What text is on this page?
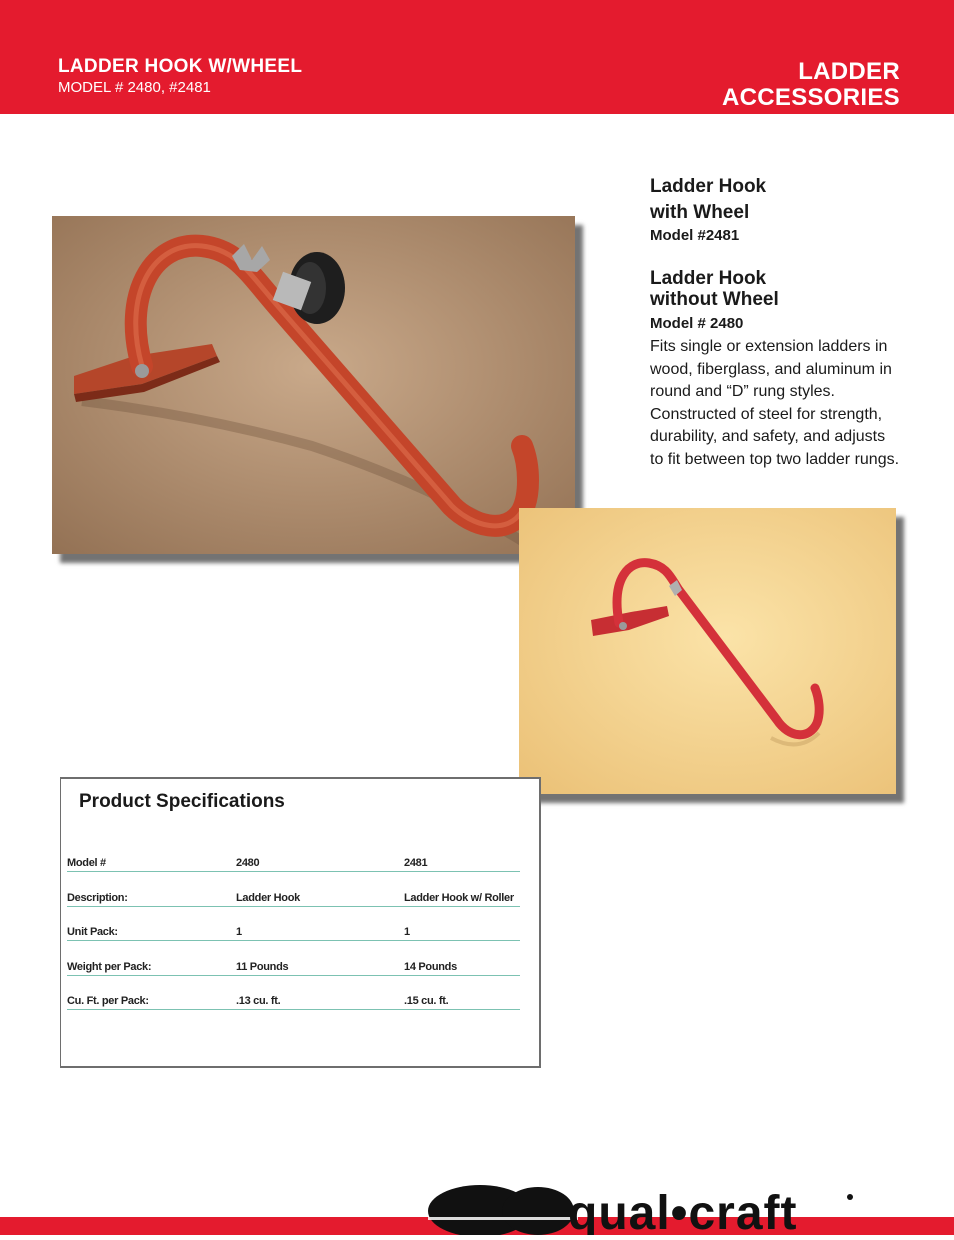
LADDER HOOK W/WHEEL
MODEL # 2480, #2481
LADDER
ACCESSORIES
Ladder Hook
with Wheel
Model #2481
Ladder Hook
without Wheel
Model # 2480
Fits single or extension ladders in wood, fiberglass, and aluminum in round and “D” rung styles. Constructed of steel for strength, durability, and safety, and adjusts to fit between top two ladder rungs.
Product Specifications
Model #	2480	2481
Description:	Ladder Hook	Ladder Hook w/ Roller
Unit Pack:	1	1
Weight per Pack:	11 Pounds	14 Pounds
Cu. Ft. per Pack:	.13 cu. ft.	.15 cu. ft.
qual•craft
